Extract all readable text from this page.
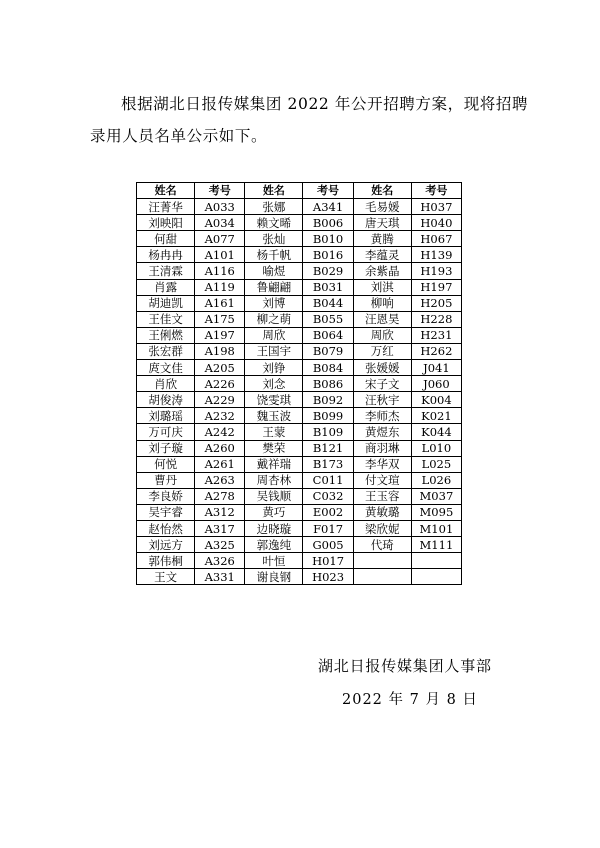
根据湖北日报传媒集团 2022 年公开招聘方案，现将招聘录用人员名单公示如下。

姓名	考号	姓名	考号	姓名	考号
汪菁华	A033	张娜	A341	毛易媛	H037
刘映阳	A034	赖文晞	B006	唐天琪	H040
何甜	A077	张灿	B010	黄腾	H067
杨冉冉	A101	杨千帆	B016	李蕴灵	H139
王清霖	A116	喻煜	B029	余紫晶	H193
肖露	A119	鲁翩翩	B031	刘淇	H197
胡迪凯	A161	刘博	B044	柳响	H205
王佳文	A175	柳之萌	B055	汪恩昊	H228
王俐燃	A197	周欣	B064	周欣	H231
张宏群	A198	王国宇	B079	万红	H262
庹文佳	A205	刘铮	B084	张媛媛	J041
肖欣	A226	刘念	B086	宋子文	J060
胡俊涛	A229	饶雯琪	B092	汪秋宇	K004
刘璐瑶	A232	魏玉波	B099	李师杰	K021
万可庆	A242	王蒙	B109	黄煜东	K044
刘子璇	A260	樊荣	B121	商羽琳	L010
何悦	A261	戴祥瑞	B173	李华双	L025
曹丹	A263	周杏林	C011	付文瑄	L026
李良娇	A278	吴钱顺	C032	王玉容	M037
吴宇睿	A312	黄巧	E002	黄敏璐	M095
赵怡然	A317	边晓璇	F017	梁欣妮	M101
刘远方	A325	郭逸纯	G005	代琦	M111
郭伟桐	A326	叶恒	H017		
王文	A331	谢良钢	H023		
湖北日报传媒集团人事部
2022 年 7 月 8 日
